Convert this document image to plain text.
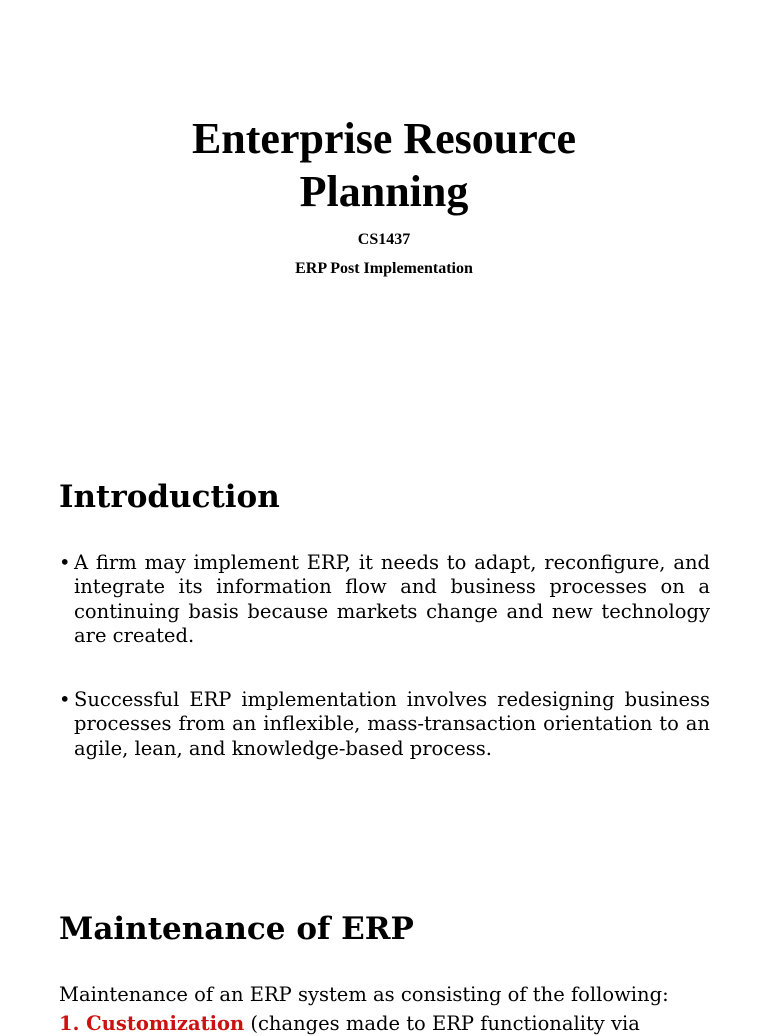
Enterprise Resource
Planning
CS1437
ERP Post Implementation
Introduction
• A firm may implement ERP, it needs to adapt, reconfigure, and integrate its information flow and business processes on a continuing basis because markets change and new technology are created.
• Successful ERP implementation involves redesigning business processes from an inflexible, mass-transaction orientation to an agile, lean, and knowledge-based process.
Maintenance of ERP

Maintenance of an ERP system as consisting of the following:

1. Customization (changes made to ERP functionality via
